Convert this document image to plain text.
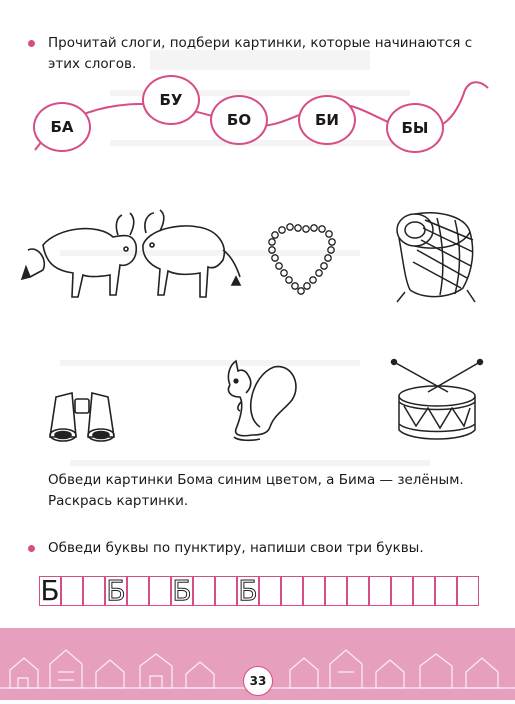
Прочитай слоги, подбери картинки, которые начинаются с
этих слогов.
БА
БУ
БО	БИ	БЫ
Обведи картинки Бома синим цветом, а Бима — зелёным.
Раскрась картинки.
Обведи буквы по пунктиру, напиши свои три буквы.
Б Б Б Б
33
